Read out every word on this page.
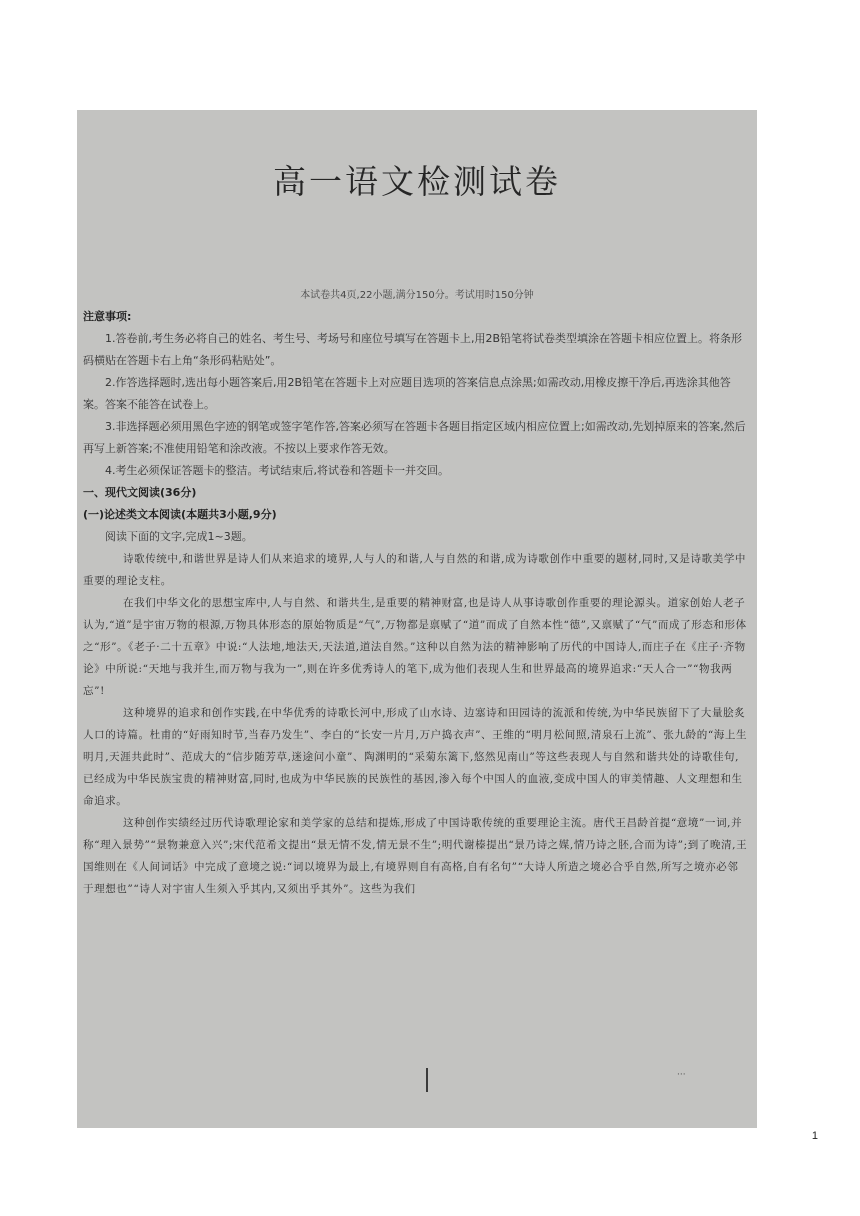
高一语文检测试卷
本试卷共4页,22小题,满分150分。考试用时150分钟

注意事项:

1.答卷前,考生务必将自己的姓名、考生号、考场号和座位号填写在答题卡上,用2B铅笔将试卷类型填涂在答题卡相应位置上。将条形码横贴在答题卡右上角“条形码粘贴处”。

2.作答选择题时,选出每小题答案后,用2B铅笔在答题卡上对应题目选项的答案信息点涂黑;如需改动,用橡皮擦干净后,再选涂其他答案。答案不能答在试卷上。

3.非选择题必须用黑色字迹的钢笔或签字笔作答,答案必须写在答题卡各题目指定区域内相应位置上;如需改动,先划掉原来的答案,然后再写上新答案;不准使用铅笔和涂改液。不按以上要求作答无效。

4.考生必须保证答题卡的整洁。考试结束后,将试卷和答题卡一并交回。

一、现代文阅读(36分)

(一)论述类文本阅读(本题共3小题,9分)

阅读下面的文字,完成1~3题。

诗歌传统中,和谐世界是诗人们从来追求的境界,人与人的和谐,人与自然的和谐,成为诗歌创作中重要的题材,同时,又是诗歌美学中重要的理论支柱。

在我们中华文化的思想宝库中,人与自然、和谐共生,是重要的精神财富,也是诗人从事诗歌创作重要的理论源头。道家创始人老子认为,“道”是宇宙万物的根源,万物具体形态的原始物质是“气”,万物都是禀赋了“道”而成了自然本性“德”,又禀赋了“气”而成了形态和形体之“形”。《老子·二十五章》中说:“人法地,地法天,天法道,道法自然。”这种以自然为法的精神影响了历代的中国诗人,而庄子在《庄子·齐物论》中所说:“天地与我并生,而万物与我为一”,则在许多优秀诗人的笔下,成为他们表现人生和世界最高的境界追求:“天人合一”“物我两忘”!

这种境界的追求和创作实践,在中华优秀的诗歌长河中,形成了山水诗、边塞诗和田园诗的流派和传统,为中华民族留下了大量脍炙人口的诗篇。杜甫的“好雨知时节,当春乃发生”、李白的“长安一片月,万户捣衣声”、王维的“明月松间照,清泉石上流”、张九龄的“海上生明月,天涯共此时”、范成大的“信步随芳草,迷途问小童”、陶渊明的“采菊东篱下,悠然见南山”等这些表现人与自然和谐共处的诗歌佳句,已经成为中华民族宝贵的精神财富,同时,也成为中华民族的民族性的基因,渗入每个中国人的血液,变成中国人的审美情趣、人文理想和生命追求。

这种创作实绩经过历代诗歌理论家和美学家的总结和提炼,形成了中国诗歌传统的重要理论主流。唐代王昌龄首提“意境”一词,并称“理入景势”“景物兼意入兴”;宋代范希文提出“景无情不发,情无景不生”;明代谢榛提出“景乃诗之媒,情乃诗之胚,合而为诗”;到了晚清,王国维则在《人间词话》中完成了意境之说:“词以境界为最上,有境界则自有高格,自有名句”“大诗人所造之境必合乎自然,所写之境亦必邻于理想也”“诗人对宇宙人生须入乎其内,又须出乎其外”。这些为我们

···
1
